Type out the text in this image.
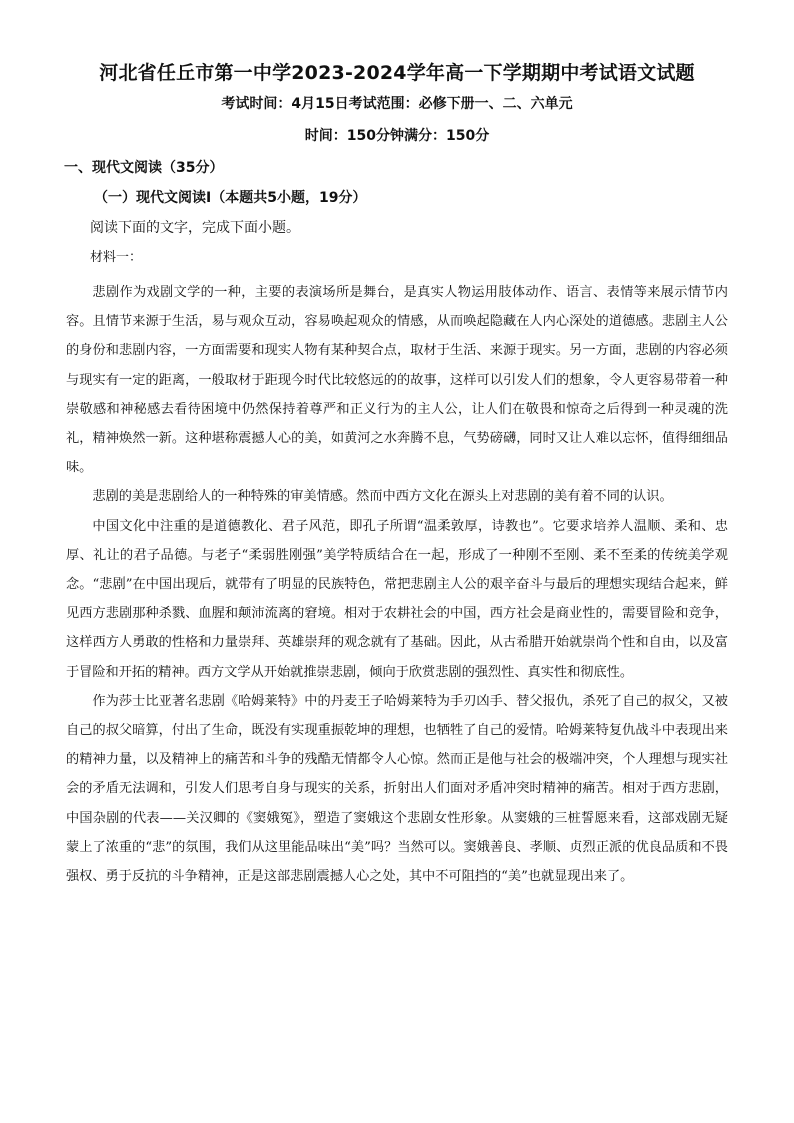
河北省任丘市第一中学2023-2024学年高一下学期期中考试语文试题
考试时间：4月15日考试范围：必修下册一、二、六单元
时间：150分钟满分：150分
一、现代文阅读（35分）
（一）现代文阅读Ⅰ（本题共5小题，19分）
阅读下面的文字，完成下面小题。
材料一：

悲剧作为戏剧文学的一种，主要的表演场所是舞台，是真实人物运用肢体动作、语言、表情等来展示情节内容。且情节来源于生活，易与观众互动，容易唤起观众的情感，从而唤起隐藏在人内心深处的道德感。悲剧主人公的身份和悲剧内容，一方面需要和现实人物有某种契合点，取材于生活、来源于现实。另一方面，悲剧的内容必须与现实有一定的距离，一般取材于距现今时代比较悠远的的故事，这样可以引发人们的想象，令人更容易带着一种崇敬感和神秘感去看待困境中仍然保持着尊严和正义行为的主人公，让人们在敬畏和惊奇之后得到一种灵魂的洗礼，精神焕然一新。这种堪称震撼人心的美，如黄河之水奔腾不息，气势磅礴，同时又让人难以忘怀，值得细细品味。

悲剧的美是悲剧给人的一种特殊的审美情感。然而中西方文化在源头上对悲剧的美有着不同的认识。

中国文化中注重的是道德教化、君子风范，即孔子所谓“温柔敦厚，诗教也”。它要求培养人温顺、柔和、忠厚、礼让的君子品德。与老子“柔弱胜刚强”美学特质结合在一起，形成了一种刚不至刚、柔不至柔的传统美学观念。“悲剧”在中国出现后，就带有了明显的民族特色，常把悲剧主人公的艰辛奋斗与最后的理想实现结合起来，鲜见西方悲剧那种杀戮、血腥和颠沛流离的窘境。相对于农耕社会的中国，西方社会是商业性的，需要冒险和竞争，这样西方人勇敢的性格和力量崇拜、英雄崇拜的观念就有了基础。因此，从古希腊开始就崇尚个性和自由，以及富于冒险和开拓的精神。西方文学从开始就推崇悲剧，倾向于欣赏悲剧的强烈性、真实性和彻底性。

作为莎士比亚著名悲剧《哈姆莱特》中的丹麦王子哈姆莱特为手刃凶手、替父报仇，杀死了自己的叔父，又被自己的叔父暗算，付出了生命，既没有实现重振乾坤的理想，也牺牲了自己的爱情。哈姆莱特复仇战斗中表现出来的精神力量，以及精神上的痛苦和斗争的残酷无情都令人心惊。然而正是他与社会的极端冲突，个人理想与现实社会的矛盾无法调和，引发人们思考自身与现实的关系，折射出人们面对矛盾冲突时精神的痛苦。相对于西方悲剧，中国杂剧的代表——关汉卿的《窦娥冤》，塑造了窦娥这个悲剧女性形象。从窦娥的三桩誓愿来看，这部戏剧无疑蒙上了浓重的“悲”的氛围，我们从这里能品味出“美”吗？当然可以。窦娥善良、孝顺、贞烈正派的优良品质和不畏强权、勇于反抗的斗争精神，正是这部悲剧震撼人心之处，其中不可阻挡的“美”也就显现出来了。
